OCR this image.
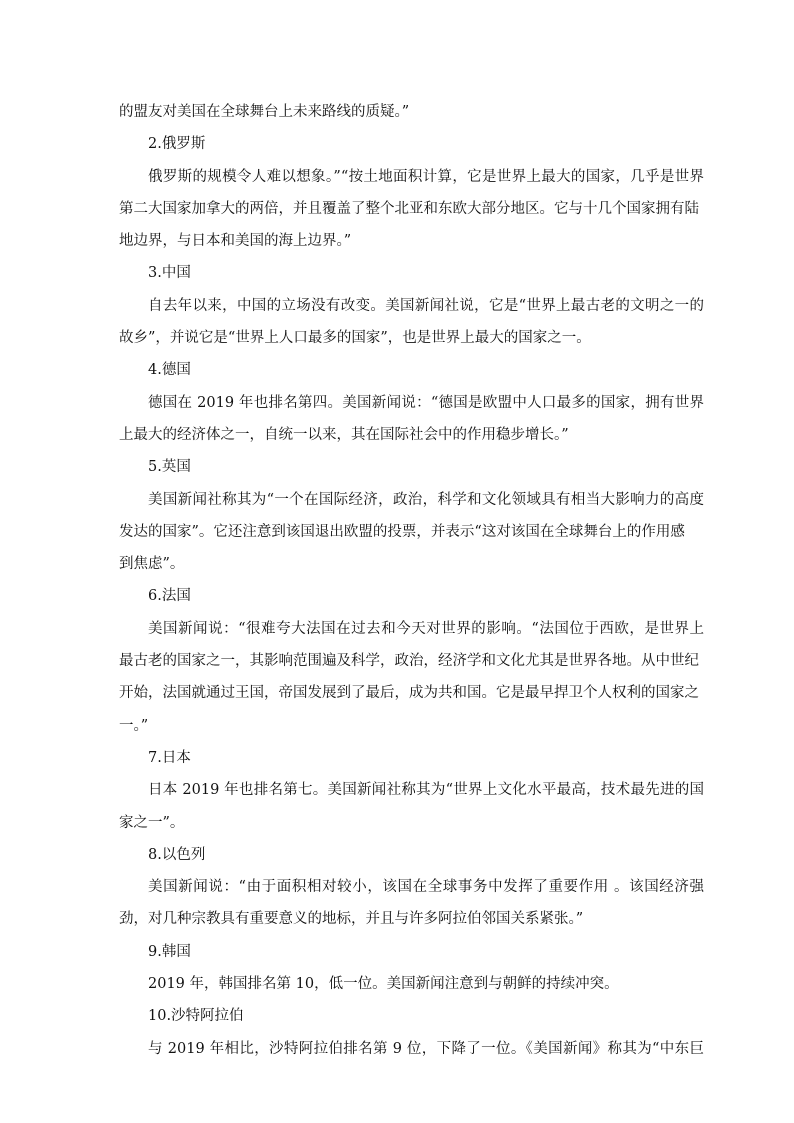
的盟友对美国在全球舞台上未来路线的质疑。”

2.俄罗斯

俄罗斯的规模令人难以想象。”“按土地面积计算，它是世界上最大的国家，几乎是世界

第二大国家加拿大的两倍，并且覆盖了整个北亚和东欧大部分地区。它与十几个国家拥有陆

地边界，与日本和美国的海上边界。”

3.中国

自去年以来，中国的立场没有改变。美国新闻社说，它是“世界上最古老的文明之一的

故乡”，并说它是“世界上人口最多的国家”，也是世界上最大的国家之一。

4.德国

德国在 2019 年也排名第四。美国新闻说：“德国是欧盟中人口最多的国家，拥有世界

上最大的经济体之一，自统一以来，其在国际社会中的作用稳步增长。”

5.英国

美国新闻社称其为“一个在国际经济，政治，科学和文化领域具有相当大影响力的高度

发达的国家”。它还注意到该国退出欧盟的投票，并表示“这对该国在全球舞台上的作用感

到焦虑”。

6.法国

美国新闻说：“很难夸大法国在过去和今天对世界的影响。“法国位于西欧，是世界上

最古老的国家之一，其影响范围遍及科学，政治，经济学和文化尤其是世界各地。从中世纪

开始，法国就通过王国，帝国发展到了最后，成为共和国。它是最早捍卫个人权利的国家之

一。”

7.日本

日本 2019 年也排名第七。美国新闻社称其为“世界上文化水平最高，技术最先进的国

家之一”。

8.以色列

美国新闻说：“由于面积相对较小，该国在全球事务中发挥了重要作用 。该国经济强

劲，对几种宗教具有重要意义的地标，并且与许多阿拉伯邻国关系紧张。”

9.韩国

2019 年，韩国排名第 10，低一位。美国新闻注意到与朝鲜的持续冲突。

10.沙特阿拉伯

与 2019 年相比，沙特阿拉伯排名第 9 位，下降了一位。《美国新闻》称其为“中东巨
